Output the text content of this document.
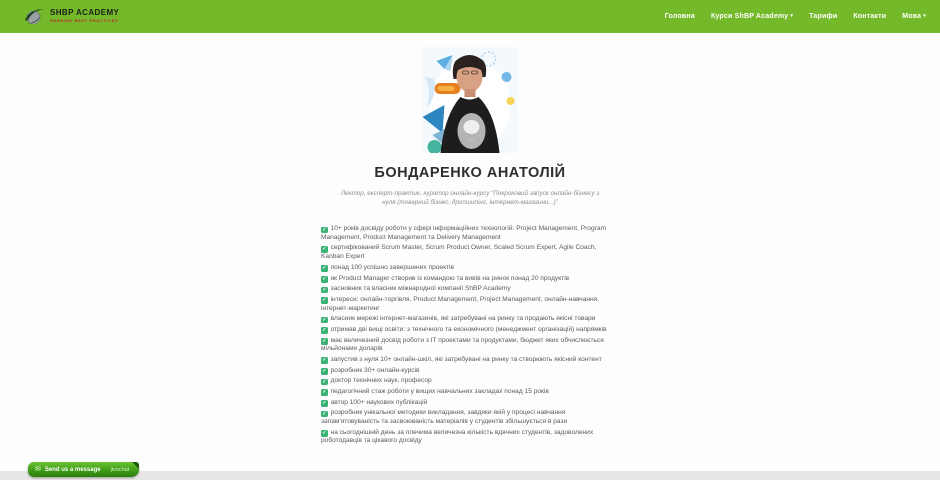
SHBP ACADEMY
SHARING BEST PRACTICES
Головна Курси ShBP Academy ▾ Тарифи Контакти Мова ▾
БОНДАРЕНКО АНАТОЛІЙ

Лектор, експерт-практик, куратор онлайн-курсу “Покроковий запуск онлайн-бізнесу з нуля (товарний бізнес, дропшипінг, інтернет-магазини...)”

✓ 10+ років досвіду роботи у сфері інформаційних технологій: Project Management, Program Management, Product Management та Delivery Management
✓ сертифікований Scrum Master, Scrum Product Owner, Scaled Scrum Expert, Agile Coach, Kanban Expert
✓ понад 100 успішно завершених проектів
✓ як Product Manager створив із командою та вивів на ринок понад 20 продуктів
✓ засновник та власник міжнародної компанії ShBP Academy
✓ інтереси: онлайн-торгівля, Product Management, Project Management, онлайн-навчання, інтернет-маркетинг
✓ власник мережі інтернет-магазинів, які затребувані на ринку та продають якісні товари
✓ отримав дві вищі освіти: з технічного та економічного (менеджмент організацій) напрямків
✓ має величезний досвід роботи з IT проектами та продуктами, бюджет яких обчислюється мільйонами доларів
✓ запустив з нуля 10+ онлайн-шкіл, які затребувані на ринку та створюють якісний контент
✓ розробник 30+ онлайн-курсів
✓ доктор технічних наук, професор
✓ педагогічний стаж роботи у вищих навчальних закладах понад 15 років
✓ автор 100+ наукових публікацій
✓ розробник унікальної методики викладання, завдяки якій у процесі навчання запам'ятовуваність та засвоюваність матеріалів у студентів збільшується в рази
✓ на сьогоднішній день за плечима величезна кількість вдячних студентів, задоволених роботодавців та цікавого досвіду
✉ Send us a message jivochat
